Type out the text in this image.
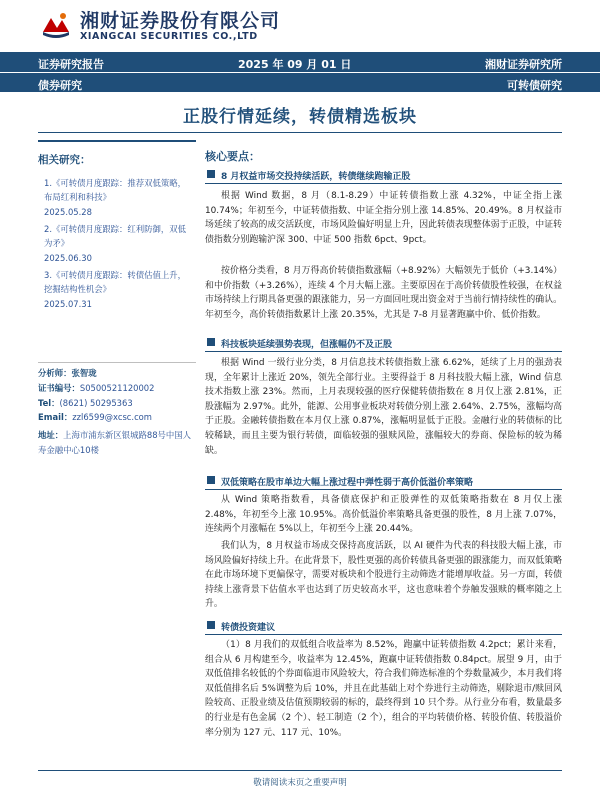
湘财证券股份有限公司
XIANGCAI SECURITIES CO.,LTD
证券研究报告	2025 年 09 月 01 日	湘财证券研究所
债券研究	可转债研究
正股行情延续，转债精选板块
相关研究：
1.《可转债月度跟踪：推荐双低策略，布局红利和科技》
2025.05.28
2.《可转债月度跟踪：红利防御，双低为矛》
2025.06.30
3.《可转债月度跟踪：转债估值上升，挖掘结构性机会》
2025.07.31
分析师：张智珑
证书编号：S0500521120002
Tel：(8621) 50295363
Email：zzl6599@xcsc.com
地址：上海市浦东新区银城路88号中国人寿金融中心10楼
核心要点：
8 月权益市场交投持续活跃，转债继续跑输正股
根据 Wind 数据，8 月（8.1-8.29）中证转债指数上涨 4.32%，中证全指上涨 10.74%；年初至今，中证转债指数、中证全指分别上涨 14.85%、20.49%。8 月权益市场延续了较高的成交活跃度，市场风险偏好明显上升，因此转债表现整体弱于正股，中证转债指数分别跑输沪深 300、中证 500 指数 6pct、9pct。
按价格分类看，8 月万得高价转债指数涨幅（+8.92%）大幅领先于低价（+3.14%）和中价指数（+3.26%），连续 4 个月大幅上涨。主要原因在于高价转债股性较强，在权益市场持续上行期具备更强的跟涨能力，另一方面回吐现出资金对于当前行情持续性的确认。年初至今，高价转债指数累计上涨 20.35%，尤其是 7-8 月显著跑赢中价、低价指数。
科技板块延续强势表现，但涨幅仍不及正股
根据 Wind 一级行业分类，8 月信息技术转债指数上涨 6.62%，延续了上月的强劲表现，全年累计上涨近 20%，领先全部行业。主要得益于 8 月科技股大幅上涨，Wind 信息技术指数上涨 23%。然而，上月表现较强的医疗保健转债指数在 8 月仅上涨 2.81%，正股涨幅为 2.97%。此外，能源、公用事业板块对转债分别上涨 2.64%、2.75%，涨幅均高于正股。金融转债指数在本月仅上涨 0.87%，涨幅明显低于正股。金融行业的转债标的比较稀缺，而且主要为银行转债，面临较强的强赎风险，涨幅较大的券商、保险标的较为稀缺。
双低策略在股市单边大幅上涨过程中弹性弱于高价低溢价率策略
从 Wind 策略指数看，具备债底保护和正股弹性的双低策略指数在 8 月仅上涨 2.48%，年初至今上涨 10.95%。高价低溢价率策略具备更强的股性，8 月上涨 7.07%，连续两个月涨幅在 5%以上，年初至今上涨 20.44%。
我们认为，8 月权益市场成交保持高度活跃，以 AI 硬件为代表的科技股大幅上涨，市场风险偏好持续上升。在此背景下，股性更强的高价转债具备更强的跟涨能力，而双低策略在此市场环境下更偏保守，需要对板块和个股进行主动筛选才能增厚收益。另一方面，转债持续上涨背景下估值水平也达到了历史较高水平，这也意味着个券触发强赎的概率随之上升。
转债投资建议
（1）8 月我们的双低组合收益率为 8.52%，跑赢中证转债指数 4.2pct；累计来看，组合从 6 月构建至今，收益率为 12.45%，跑赢中证转债指数 0.84pct。展望 9 月，由于双低值排名较低的个券面临退市风险较大，符合我们筛选标准的个券数量减少，本月我们将双低值排名后 5%调整为后 10%，并且在此基础上对个券进行主动筛选，剔除退市/赎回风险较高、正股业绩及估值预期较弱的标的，最终得到 10 只个券。从行业分布看，数量最多的行业是有色金属（2 个）、轻工制造（2 个），组合的平均转债价格、转股价值、转股溢价率分别为 127 元、117 元、10%。
敬请阅读末页之重要声明
